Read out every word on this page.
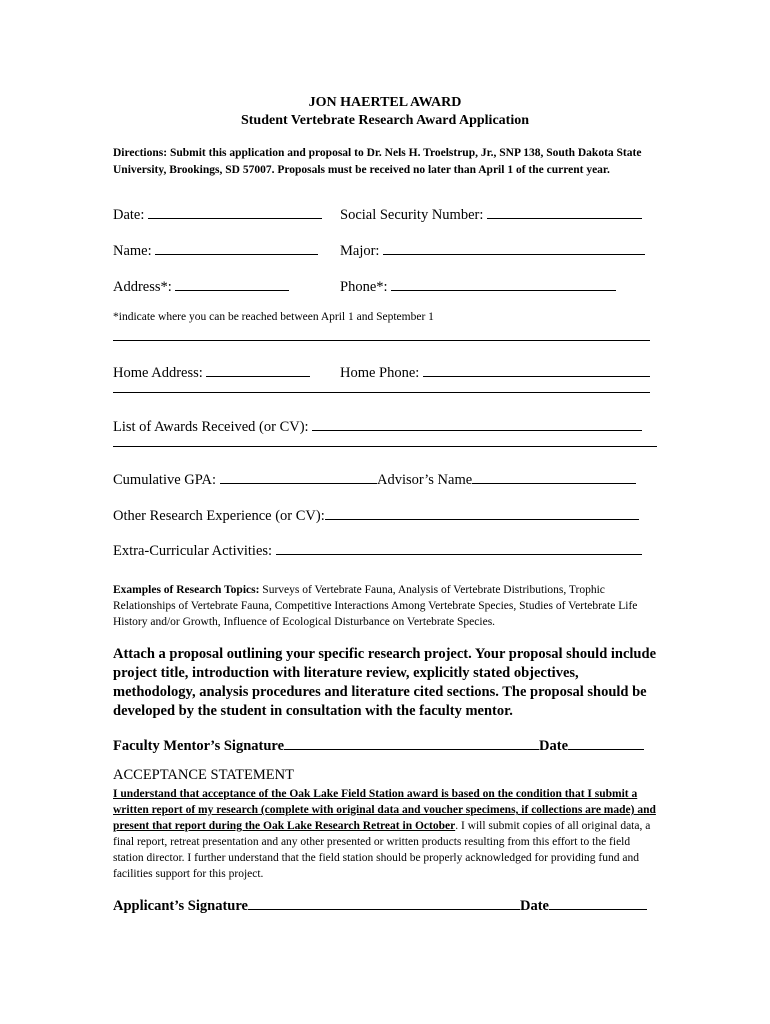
JON HAERTEL AWARD
Student Vertebrate Research Award Application
Directions: Submit this application and proposal to Dr. Nels H. Troelstrup, Jr., SNP 138, South Dakota State University, Brookings, SD 57007. Proposals must be received no later than April 1 of the current year.
Date:	Social Security Number:
Name:	Major:
Address*:	Phone*:
*indicate where you can be reached between April 1 and September 1
Home Address:	Home Phone:
List of Awards Received (or CV):
Cumulative GPA:	Advisor’s Name
Other Research Experience (or CV):
Extra-Curricular Activities:
Examples of Research Topics: Surveys of Vertebrate Fauna, Analysis of Vertebrate Distributions, Trophic Relationships of Vertebrate Fauna, Competitive Interactions Among Vertebrate Species, Studies of Vertebrate Life History and/or Growth, Influence of Ecological Disturbance on Vertebrate Species.
Attach a proposal outlining your specific research project. Your proposal should include project title, introduction with literature review, explicitly stated objectives, methodology, analysis procedures and literature cited sections. The proposal should be developed by the student in consultation with the faculty mentor.
Faculty Mentor’s Signature	Date
ACCEPTANCE STATEMENT
I understand that acceptance of the Oak Lake Field Station award is based on the condition that I submit a written report of my research (complete with original data and voucher specimens, if collections are made) and present that report during the Oak Lake Research Retreat in October. I will submit copies of all original data, a final report, retreat presentation and any other presented or written products resulting from this effort to the field station director. I further understand that the field station should be properly acknowledged for providing fund and facilities support for this project.
Applicant’s Signature	Date
